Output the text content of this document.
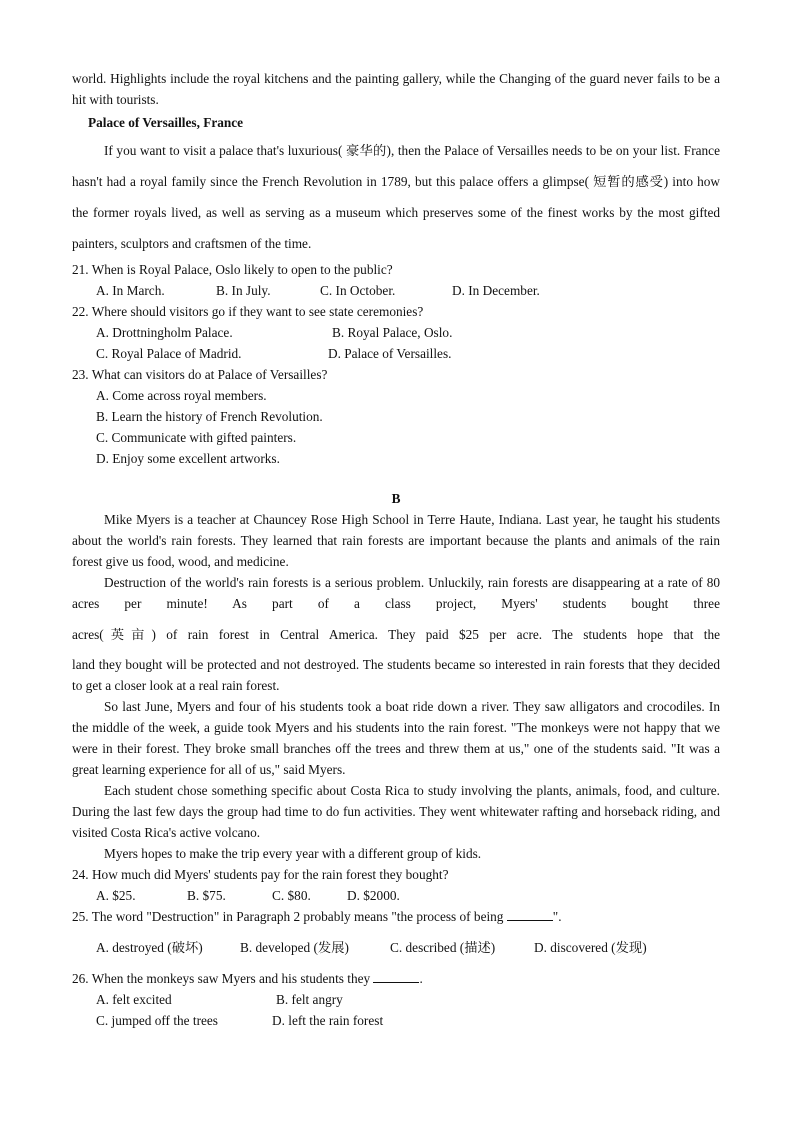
world. Highlights include the royal kitchens and the painting gallery, while the Changing of the guard never fails to be a hit with tourists.

Palace of Versailles, France

If you want to visit a palace that's luxurious( 豪华的), then the Palace of Versailles needs to be on your list. France hasn't had a royal family since the French Revolution in 1789, but this palace offers a glimpse( 短暂的感受) into how the former royals lived, as well as serving as a museum which preserves some of the finest works by the most gifted painters, sculptors and craftsmen of the time.

21. When is Royal Palace, Oslo likely to open to the public?

A. In March.	B. In July.	C. In October.	D. In December.

22. Where should visitors go if they want to see state ceremonies?

A. Drottningholm Palace.	B. Royal Palace, Oslo.
C. Royal Palace of Madrid.	D. Palace of Versailles.

23. What can visitors do at Palace of Versailles?

A. Come across royal members.

B. Learn the history of French Revolution.

C. Communicate with gifted painters.

D. Enjoy some excellent artworks.

B

Mike Myers is a teacher at Chauncey Rose High School in Terre Haute, Indiana. Last year, he taught his students about the world's rain forests. They learned that rain forests are important because the plants and animals of the rain forest give us food, wood, and medicine.

Destruction of the world's rain forests is a serious problem. Unluckily, rain forests are disappearing at a rate of 80 acres per minute! As part of a class project, Myers' students bought three

acres(英亩) of rain forest in Central America. They paid $25 per acre. The students hope that the

land they bought will be protected and not destroyed. The students became so interested in rain forests that they decided to get a closer look at a real rain forest.

So last June, Myers and four of his students took a boat ride down a river. They saw alligators and crocodiles. In the middle of the week, a guide took Myers and his students into the rain forest. "The monkeys were not happy that we were in their forest. They broke small branches off the trees and threw them at us," one of the students said. "It was a great learning experience for all of us," said Myers.

Each student chose something specific about Costa Rica to study involving the plants, animals, food, and culture. During the last few days the group had time to do fun activities. They went whitewater rafting and horseback riding, and visited Costa Rica's active volcano.

Myers hopes to make the trip every year with a different group of kids.

24. How much did Myers' students pay for the rain forest they bought?

A. $25.	B. $75.	C. $80.	D. $2000.

25. The word "Destruction" in Paragraph 2 probably means "the process of being	".

A. destroyed (破坏)	B. developed (发展)	C. described (描述)	D. discovered (发现)

26. When the monkeys saw Myers and his students they	.

A. felt excited	B. felt angry
C. jumped off the trees	D. left the rain forest
